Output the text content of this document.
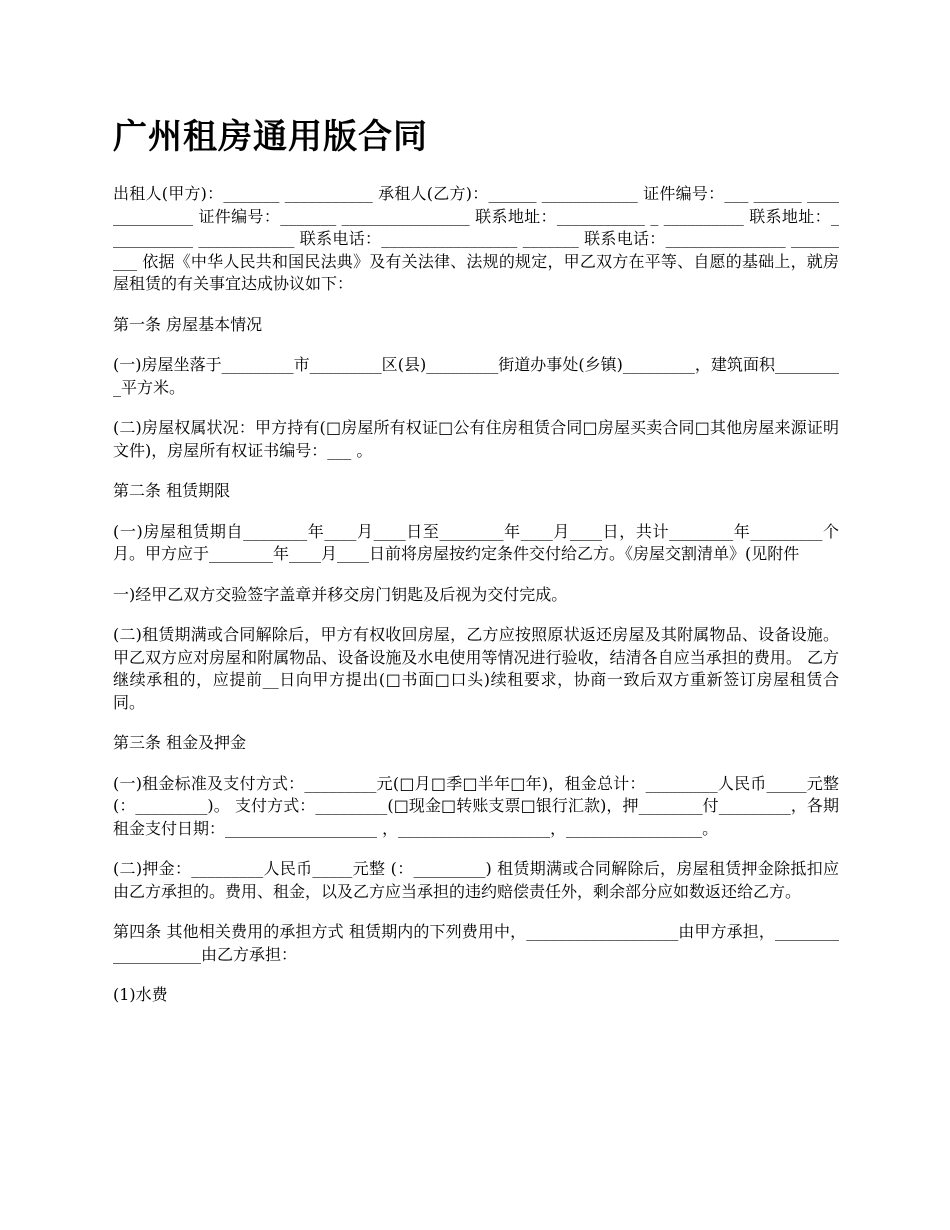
广州租房通用版合同

出租人(甲方)：_______ ___________ 承租人(乙方)：______ ____________ 证件编号：___ ______ ______________ 证件编号：_______ ________________ 联系地址：___________ _ __________ 联系地址：___________ ____________ 联系电话：_________________ _______ 联系电话：_______________ _________ 依据《中华人民共和国民法典》及有关法律、法规的规定，甲乙双方在平等、自愿的基础上，就房屋租赁的有关事宜达成协议如下：

第一条 房屋基本情况

(一)房屋坐落于_________市_________区(县)_________街道办事处(乡镇)_________，建筑面积_________平方米。

(二)房屋权属状况：甲方持有(□房屋所有权证□公有住房租赁合同□房屋买卖合同□其他房屋来源证明文件)，房屋所有权证书编号：___ 。

第二条 租赁期限

(一)房屋租赁期自________年____月____日至________年____月____日，共计________年_________个月。甲方应于________年____月____日前将房屋按约定条件交付给乙方。《房屋交割清单》(见附件

一)经甲乙双方交验签字盖章并移交房门钥匙及后视为交付完成。

(二)租赁期满或合同解除后，甲方有权收回房屋，乙方应按照原状返还房屋及其附属物品、设备设施。甲乙双方应对房屋和附属物品、设备设施及水电使用等情况进行验收，结清各自应当承担的费用。 乙方继续承租的，应提前__日向甲方提出(□书面□口头)续租要求，协商一致后双方重新签订房屋租赁合同。

第三条 租金及押金

(一)租金标准及支付方式：_________元(□月□季□半年□年)，租金总计：_________人民币_____元整 (：_________)。 支付方式：_________(□现金□转账支票□银行汇款)，押________付_________，各期租金支付日期：___________________ ，___________________，_________________。

(二)押金：_________人民币_____元整 (：_________) 租赁期满或合同解除后，房屋租赁押金除抵扣应由乙方承担的。费用、租金，以及乙方应当承担的违约赔偿责任外，剩余部分应如数返还给乙方。

第四条 其他相关费用的承担方式 租赁期内的下列费用中，___________________由甲方承担，___________________由乙方承担：

(1)水费
